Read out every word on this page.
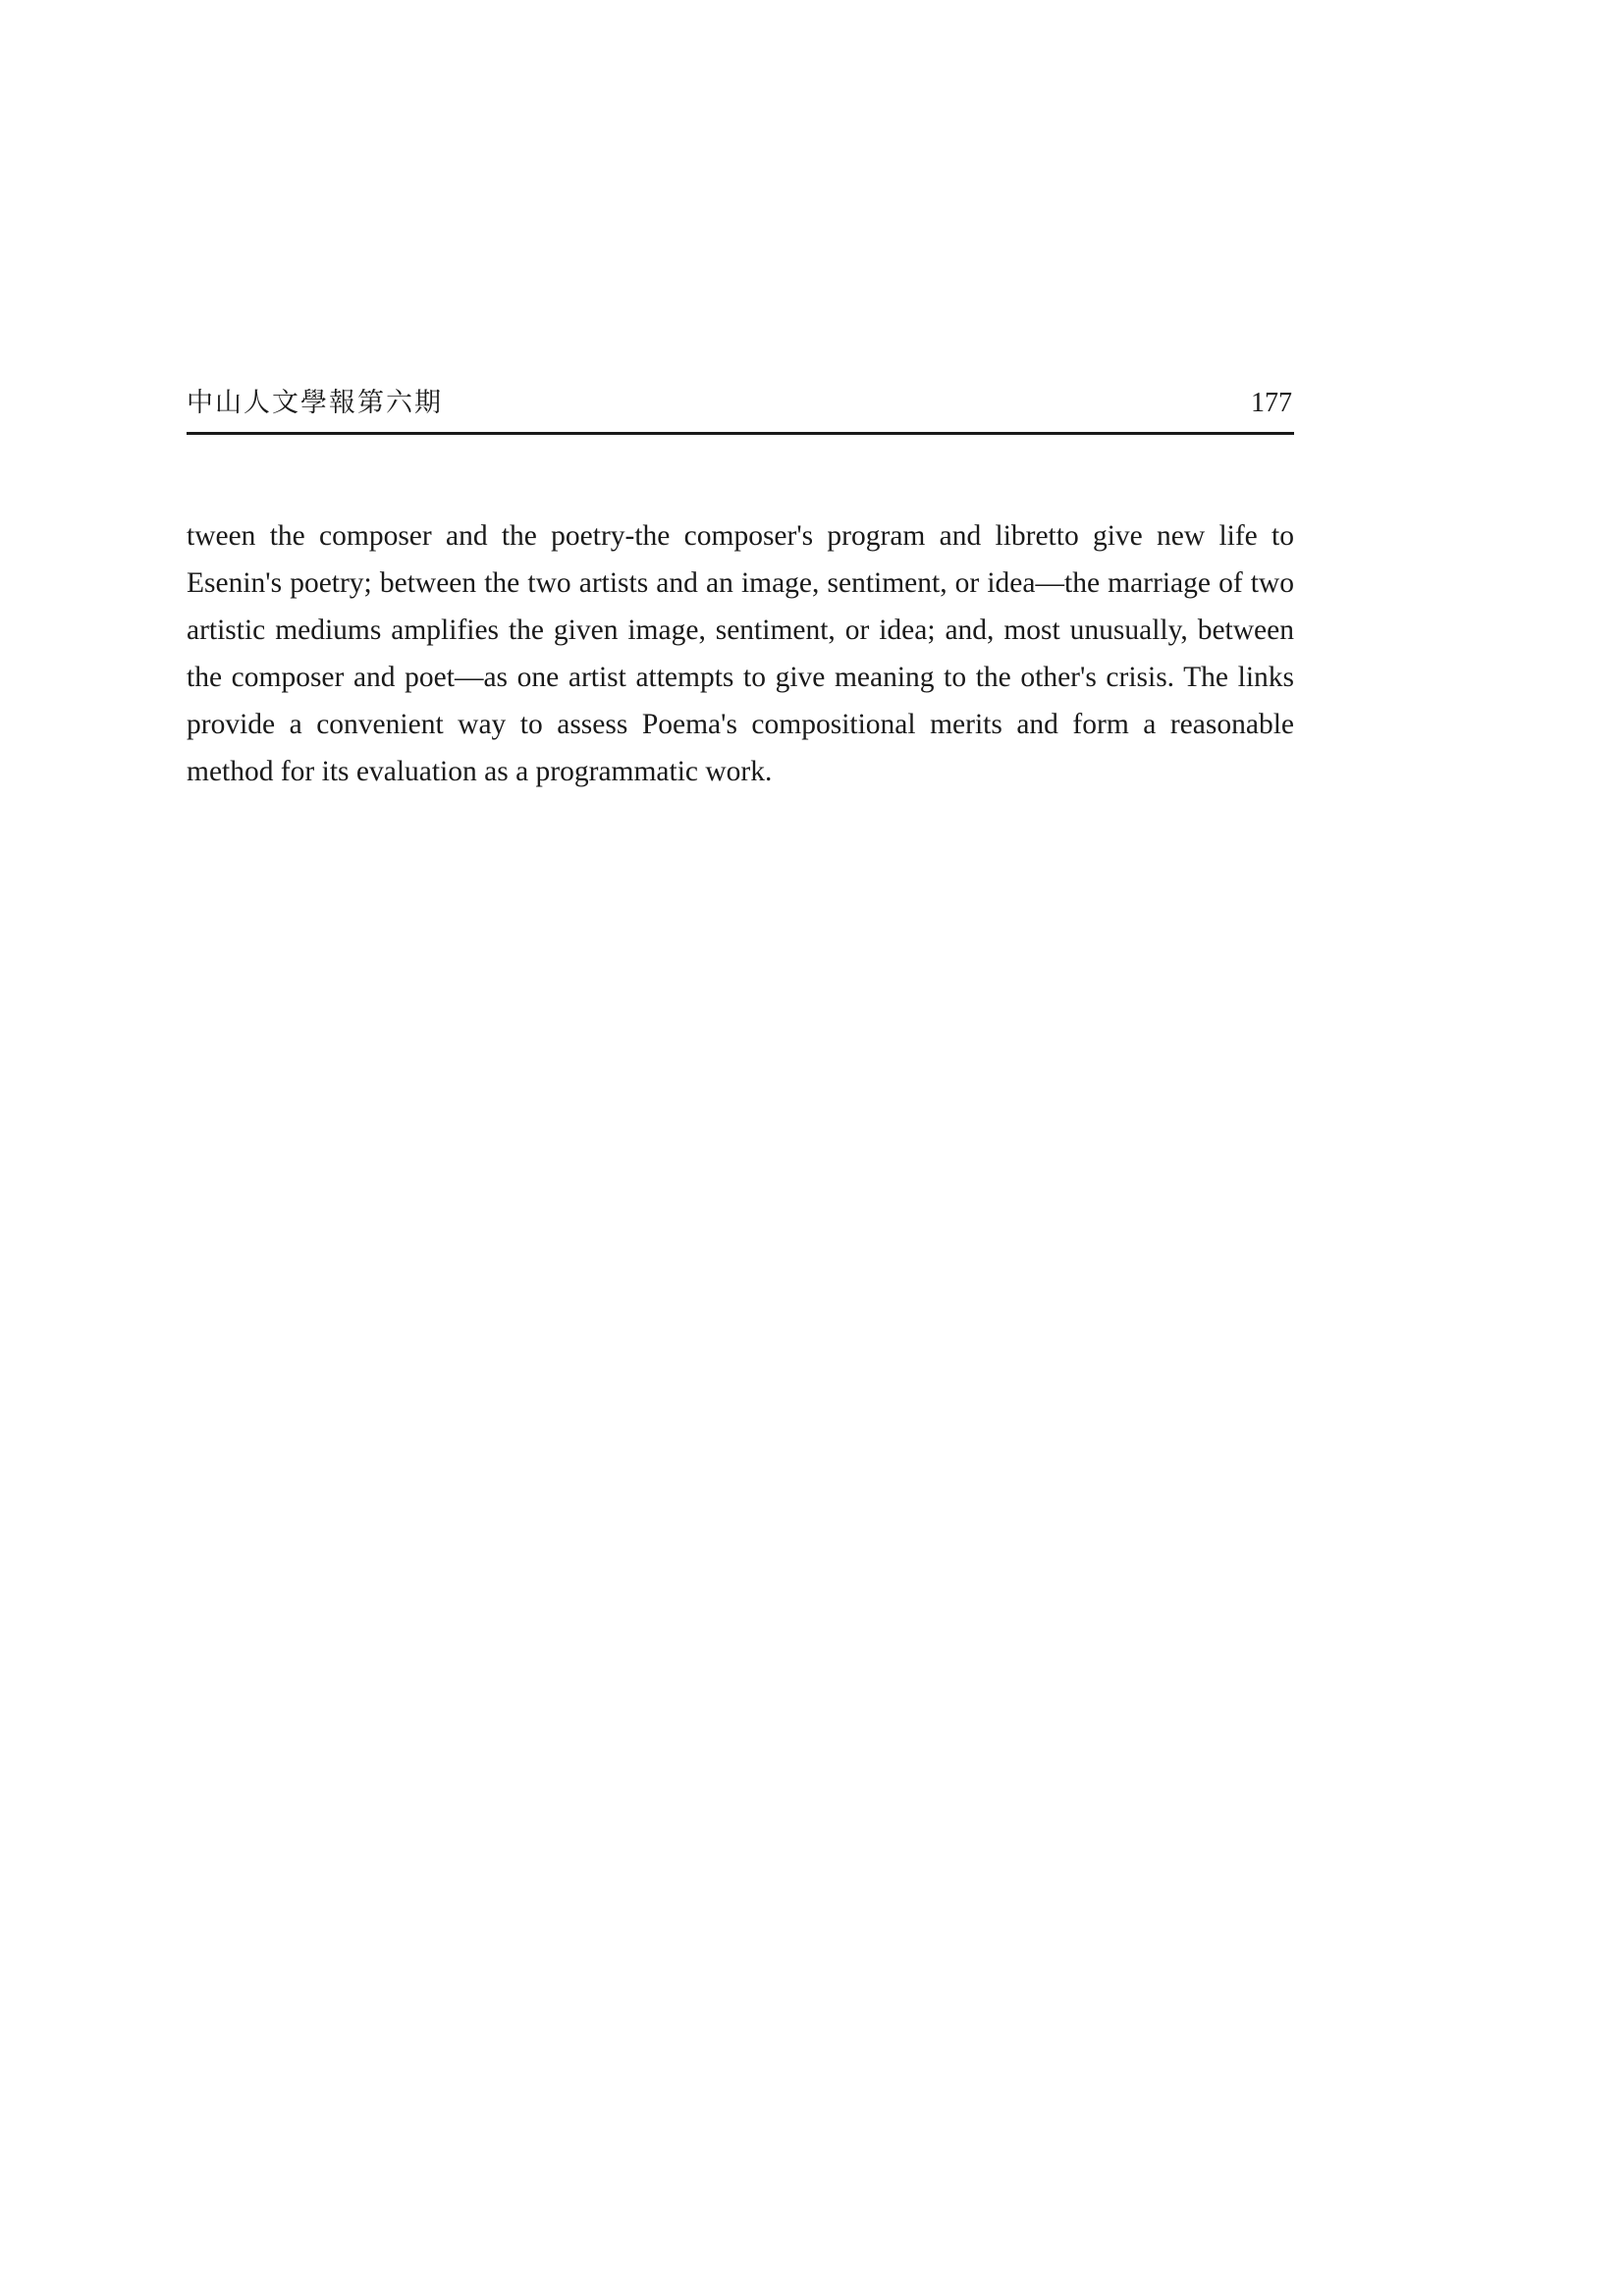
中山人文學報第六期	177

tween the composer and the poetry-the composer's program and libretto give new life to Esenin's poetry; between the two artists and an image, sentiment, or idea—the marriage of two artistic mediums amplifies the given image, sentiment, or idea; and, most unusually, between the composer and poet—as one artist attempts to give meaning to the other's crisis. The links provide a convenient way to assess Poema's compositional merits and form a reasonable method for its evaluation as a programmatic work.
